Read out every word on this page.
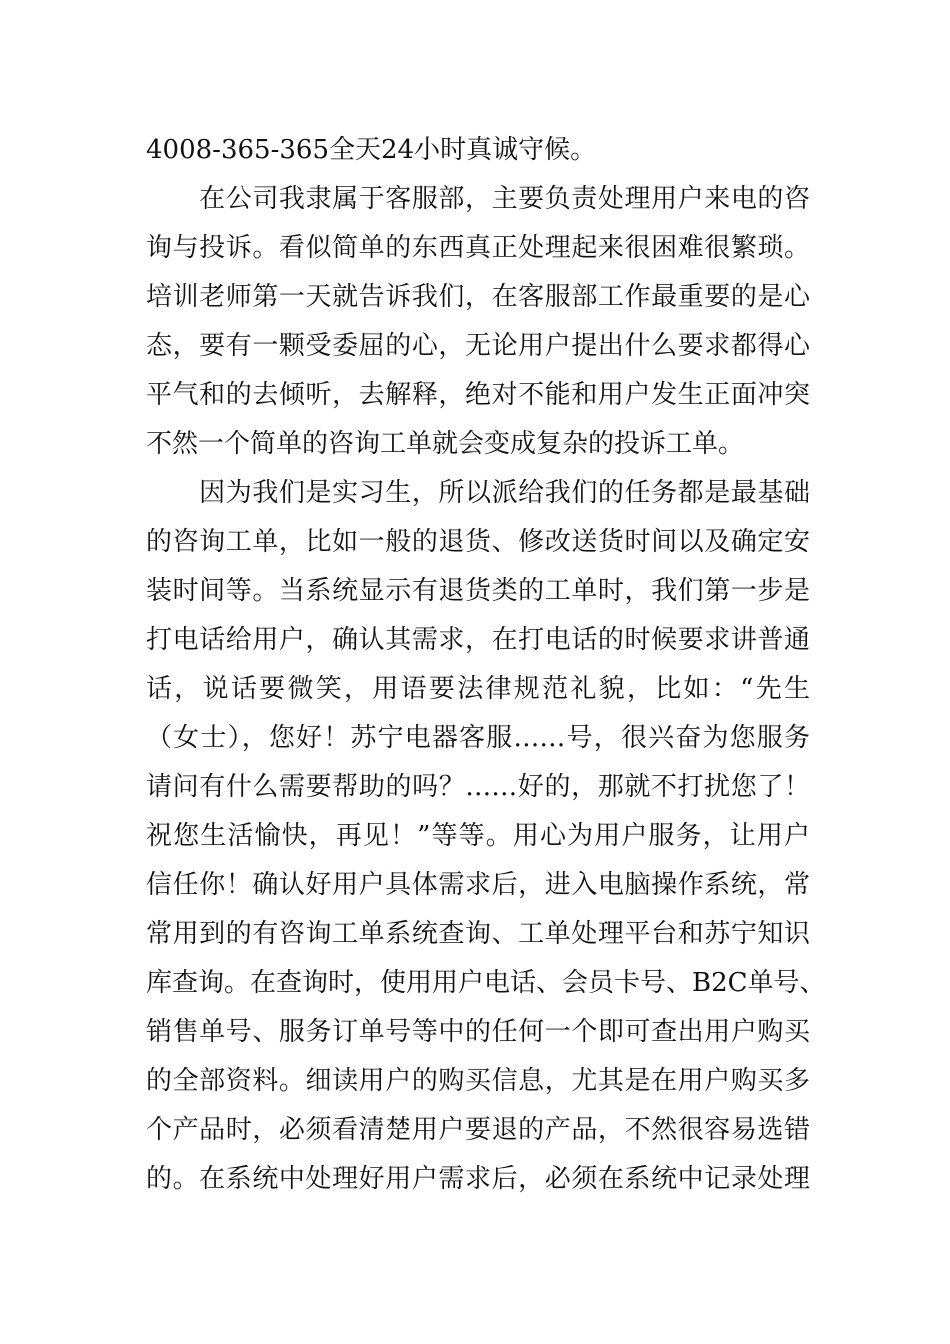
4008-365-365全天24小时真诚守候。
　　在公司我隶属于客服部，主要负责处理用户来电的咨
询与投诉。看似简单的东西真正处理起来很困难很繁琐。
培训老师第一天就告诉我们，在客服部工作最重要的是心
态，要有一颗受委屈的心，无论用户提出什么要求都得心
平气和的去倾听，去解释，绝对不能和用户发生正面冲突
不然一个简单的咨询工单就会变成复杂的投诉工单。
　　因为我们是实习生，所以派给我们的任务都是最基础
的咨询工单，比如一般的退货、修改送货时间以及确定安
装时间等。当系统显示有退货类的工单时，我们第一步是
打电话给用户，确认其需求，在打电话的时候要求讲普通
话，说话要微笑，用语要法律规范礼貌，比如：“先生
（女士），您好！苏宁电器客服……号，很兴奋为您服务
请问有什么需要帮助的吗？……好的，那就不打扰您了！
祝您生活愉快，再见！”等等。用心为用户服务，让用户
信任你！确认好用户具体需求后，进入电脑操作系统，常
常用到的有咨询工单系统查询、工单处理平台和苏宁知识
库查询。在查询时，使用用户电话、会员卡号、B2C单号、
销售单号、服务订单号等中的任何一个即可查出用户购买
的全部资料。细读用户的购买信息，尤其是在用户购买多
个产品时，必须看清楚用户要退的产品，不然很容易选错
的。在系统中处理好用户需求后，必须在系统中记录处理
